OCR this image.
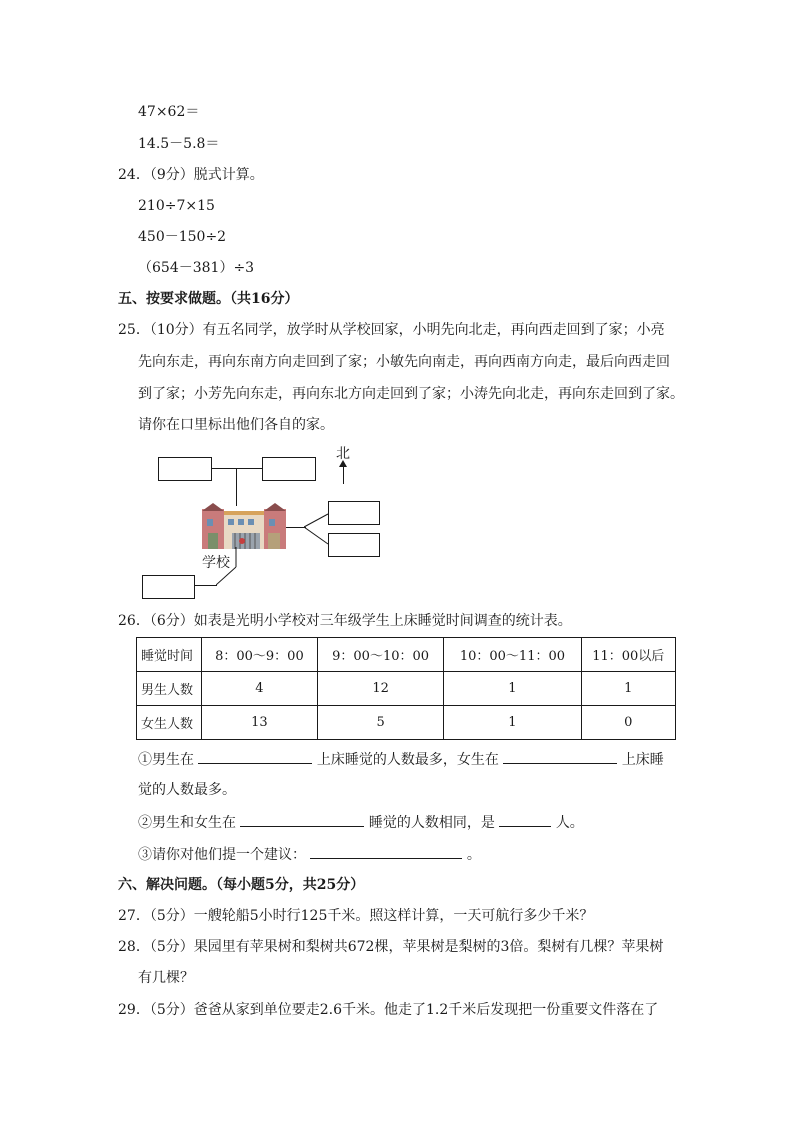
47×62＝
14.5－5.8＝
24．（9分）脱式计算。
210÷7×15
450－150÷2
（654－381）÷3
五、按要求做题。（共16分）
25．（10分）有五名同学，放学时从学校回家，小明先向北走，再向西走回到了家；小亮
先向东走，再向东南方向走回到了家；小敏先向南走，再向西南方向走，最后向西走回
到了家；小芳先向东走，再向东北方向走回到了家；小涛先向北走，再向东走回到了家。
请你在口里标出他们各自的家。
北
学校
26．（6分）如表是光明小学校对三年级学生上床睡觉时间调查的统计表。
睡觉时间	8：00～9：00	9：00～10：00	10：00～11：00	11：00以后
男生人数	4	12	1	1
女生人数	13	5	1	0
①男生在	上床睡觉的人数最多，女生在	上床睡
觉的人数最多。
②男生和女生在	睡觉的人数相同，是	人。
③请你对他们提一个建议：	。
六、解决问题。（每小题5分，共25分）
27．（5分）一艘轮船5小时行125千米。照这样计算，一天可航行多少千米？
28．（5分）果园里有苹果树和梨树共672棵，苹果树是梨树的3倍。梨树有几棵？苹果树
有几棵？
29．（5分）爸爸从家到单位要走2.6千米。他走了1.2千米后发现把一份重要文件落在了
